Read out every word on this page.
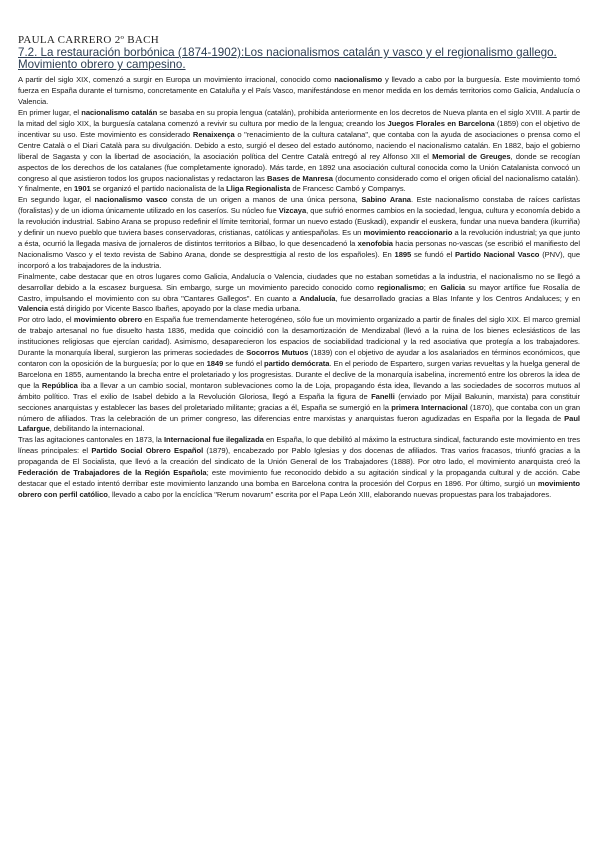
PAULA CARRERO 2º BACH
7.2. La restauración borbónica (1874-1902):Los nacionalismos catalán y vasco y el regionalismo gallego. Movimiento obrero y campesino.

A partir del siglo XIX, comenzó a surgir en Europa un movimiento irracional, conocido como nacionalismo y llevado a cabo por la burguesía. Este movimiento tomó fuerza en España durante el turnismo, concretamente en Cataluña y el País Vasco, manifestándose en menor medida en los demás territorios como Galicia, Andalucía o Valencia.

En primer lugar, el nacionalismo catalán se basaba en su propia lengua (catalán), prohibida anteriormente en los decretos de Nueva planta en el siglo XVIII. A partir de la mitad del siglo XIX, la burguesía catalana comenzó a revivir su cultura por medio de la lengua; creando los Juegos Florales en Barcelona (1859) con el objetivo de incentivar su uso. Este movimiento es considerado Renaixença o "renacimiento de la cultura catalana", que contaba con la ayuda de asociaciones o prensa como el Centre Català o el Diari Català para su divulgación. Debido a esto, surgió el deseo del estado autónomo, naciendo el nacionalismo catalán. En 1882, bajo el gobierno liberal de Sagasta y con la libertad de asociación, la asociación política del Centre Català entregó al rey Alfonso XII el Memorial de Greuges, donde se recogían aspectos de los derechos de los catalanes (fue completamente ignorado). Más tarde, en 1892 una asociación cultural conocida como la Unión Catalanista convocó un congreso al que asistieron todos los grupos nacionalistas y redactaron las Bases de Manresa (documento considerado como el origen oficial del nacionalismo catalán). Y finalmente, en 1901 se organizó el partido nacionalista de la Lliga Regionalista de Francesc Cambó y Companys.

En segundo lugar, el nacionalismo vasco consta de un origen a manos de una única persona, Sabino Arana. Este nacionalismo constaba de raíces carlistas (foralistas) y de un idioma únicamente utilizado en los caseríos. Su núcleo fue Vizcaya, que sufrió enormes cambios en la sociedad, lengua, cultura y economía debido a la revolución industrial. Sabino Arana se propuso redefinir el límite territorial, formar un nuevo estado (Euskadi), expandir el euskera, fundar una nueva bandera (ikurriña) y definir un nuevo pueblo que tuviera bases conservadoras, cristianas, católicas y antiespañolas. Es un movimiento reaccionario a la revolución industrial; ya que junto a ésta, ocurrió la llegada masiva de jornaleros de distintos territorios a Bilbao, lo que desencadenó la xenofobia hacia personas no-vascas (se escribió el manifiesto del Nacionalismo Vasco y el texto revista de Sabino Arana, donde se despresttigia al resto de los españoles). En 1895 se fundó el Partido Nacional Vasco (PNV), que incorporó a los trabajadores de la industria.

Finalmente, cabe destacar que en otros lugares como Galicia, Andalucía o Valencia, ciudades que no estaban sometidas a la industria, el nacionalismo no se llegó a desarrollar debido a la escasez burguesa. Sin embargo, surge un movimiento parecido conocido como regionalismo; en Galicia su mayor artífice fue Rosalía de Castro, impulsando el movimiento con su obra "Cantares Gallegos". En cuanto a Andalucía, fue desarrollado gracias a Blas Infante y los Centros Andaluces; y en Valencia está dirigido por Vicente Basco Ibañes, apoyado por la clase media urbana.

Por otro lado, el movimiento obrero en España fue tremendamente heterogéneo, sólo fue un movimiento organizado a partir de finales del siglo XIX. El marco gremial de trabajo artesanal no fue disuelto hasta 1836, medida que coincidió con la desamortización de Mendizabal (llevó a la ruina de los bienes eclesiásticos de las instituciones religiosas que ejercían caridad). Asimismo, desaparecieron los espacios de sociabilidad tradicional y la red asociativa que protegía a los trabajadores. Durante la monarquía liberal, surgieron las primeras sociedades de Socorros Mutuos (1839) con el objetivo de ayudar a los asalariados en términos económicos, que contaron con la oposición de la burguesía; por lo que en 1849 se fundó el partido demócrata. En el periodo de Espartero, surgen varias revueltas y la huelga general de Barcelona en 1855, aumentando la brecha entre el proletariado y los progresistas. Durante el declive de la monarquía isabelina, incrementó entre los obreros la idea de que la República iba a llevar a un cambio social, montaron sublevaciones como la de Loja, propagando ésta idea, llevando a las sociedades de socorros mutuos al ámbito político. Tras el exilio de Isabel debido a la Revolución Gloriosa, llegó a España la figura de Fanelli (enviado por Mijail Bakunin, marxista) para constituir secciones anarquistas y establecer las bases del proletariado militante; gracias a él, España se sumergió en la primera Internacional (1870), que contaba con un gran número de afiliados. Tras la celebración de un primer congreso, las diferencias entre marxistas y anarquistas fueron agudizadas en España por la llegada de Paul Lafargue, debilitando la internacional.

Tras las agitaciones cantonales en 1873, la Internacional fue ilegalizada en España, lo que debilitó al máximo la estructura sindical, facturando este movimiento en tres líneas principales: el Partido Social Obrero Español (1879), encabezado por Pablo Iglesias y dos docenas de afiliados. Tras varios fracasos, triunfó gracias a la propaganda de El Socialista, que llevó a la creación del sindicato de la Unión General de los Trabajadores (1888). Por otro lado, el movimiento anarquista creó la Federación de Trabajadores de la Región Española; este movimiento fue reconocido debido a su agitación sindical y la propaganda cultural y de acción. Cabe destacar que el estado intentó derribar este movimiento lanzando una bomba en Barcelona contra la procesión del Corpus en 1896. Por último, surgió un movimiento obrero con perfil católico, llevado a cabo por la encíclica "Rerum novarum" escrita por el Papa León XIII, elaborando nuevas propuestas para los trabajadores.
